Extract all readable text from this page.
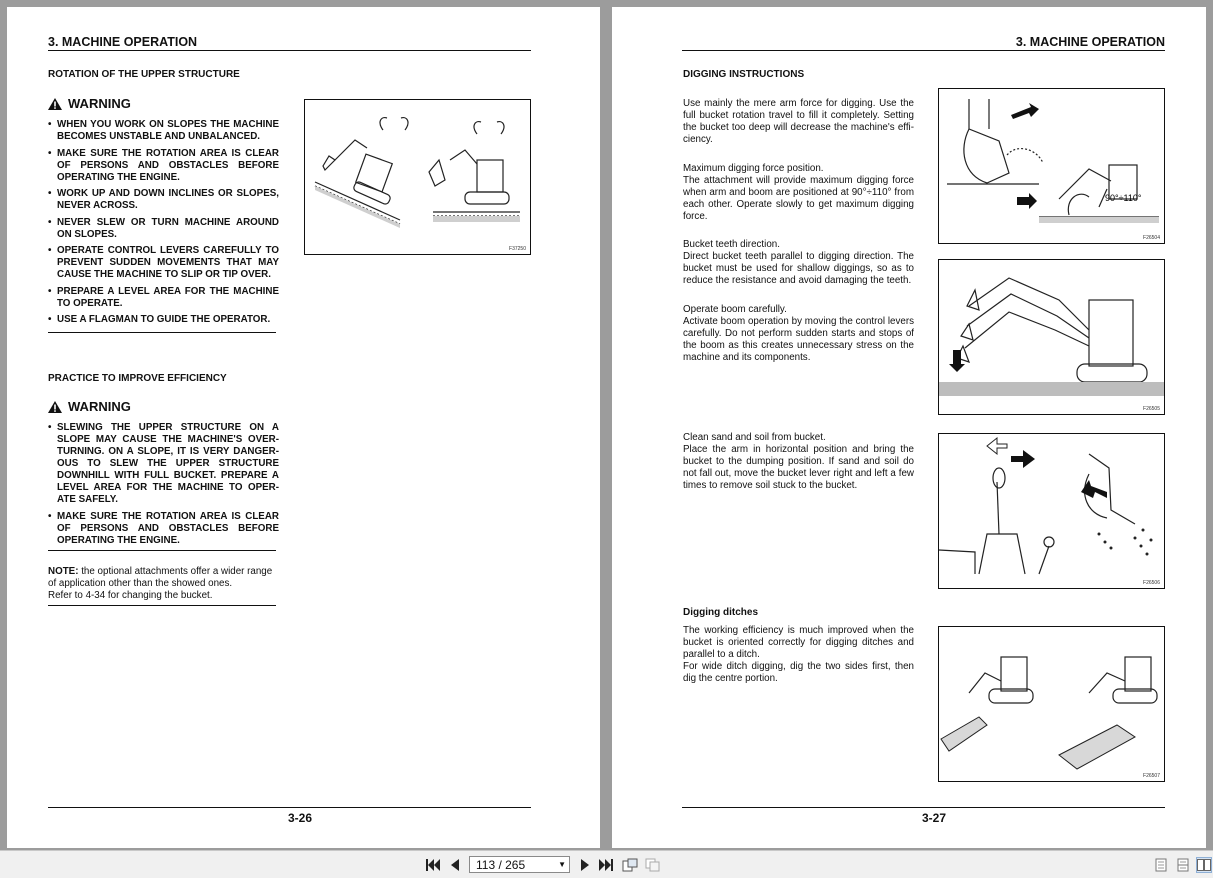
3. MACHINE OPERATION
ROTATION OF THE UPPER STRUCTURE
WARNING
• WHEN YOU WORK ON SLOPES THE MACHINE BECOMES UNSTABLE AND UNBALANCED.
• MAKE SURE THE ROTATION AREA IS CLEAR OF PERSONS AND OBSTACLES BEFORE OPERATING THE ENGINE.
• WORK UP AND DOWN INCLINES OR SLOPES, NEVER ACROSS.
• NEVER SLEW OR TURN MACHINE AROUND ON SLOPES.
• OPERATE CONTROL LEVERS CAREFULLY TO PREVENT SUDDEN MOVEMENTS THAT MAY CAUSE THE MACHINE TO SLIP OR TIP OVER.
• PREPARE A LEVEL AREA FOR THE MACHINE TO OPERATE.
• USE A FLAGMAN TO GUIDE THE OPERATOR.
F37250
PRACTICE TO IMPROVE EFFICIENCY
WARNING
• SLEWING THE UPPER STRUCTURE ON A SLOPE MAY CAUSE THE MACHINE'S OVER-TURNING. ON A SLOPE, IT IS VERY DANGER-OUS TO SLEW THE UPPER STRUCTURE DOWNHILL WITH FULL BUCKET. PREPARE A LEVEL AREA FOR THE MACHINE TO OPER-ATE SAFELY.
• MAKE SURE THE ROTATION AREA IS CLEAR OF PERSONS AND OBSTACLES BEFORE OPERATING THE ENGINE.
NOTE: the optional attachments offer a wider range of application other than the showed ones.
Refer to 4-34 for changing the bucket.
3-26
3. MACHINE OPERATION
DIGGING INSTRUCTIONS

Use mainly the mere arm force for digging. Use the full bucket rotation travel to fill it completely. Setting the bucket too deep will decrease the machine's effi-ciency.

Maximum digging force position.
The attachment will provide maximum digging force when arm and boom are positioned at 90°÷110° from each other. Operate slowly to get maximum digging force.

Bucket teeth direction.
Direct bucket teeth parallel to digging direction. The bucket must be used for shallow diggings, so as to reduce the resistance and avoid damaging the teeth.

Operate boom carefully.
Activate boom operation by moving the control levers carefully. Do not perform sudden starts and stops of the boom as this creates unnecessary stress on the machine and its components.

90°÷110°
F26504
F26505
Clean sand and soil from bucket.
Place the arm in horizontal position and bring the bucket to the dumping position. If sand and soil do not fall out, move the bucket lever right and left a few times to remove soil stuck to the bucket.
F26506
Digging ditches
The working efficiency is much improved when the bucket is oriented correctly for digging ditches and parallel to a ditch.
For wide ditch digging, dig the two sides first, then dig the centre portion.
F26507
3-27
113 / 265	▼
